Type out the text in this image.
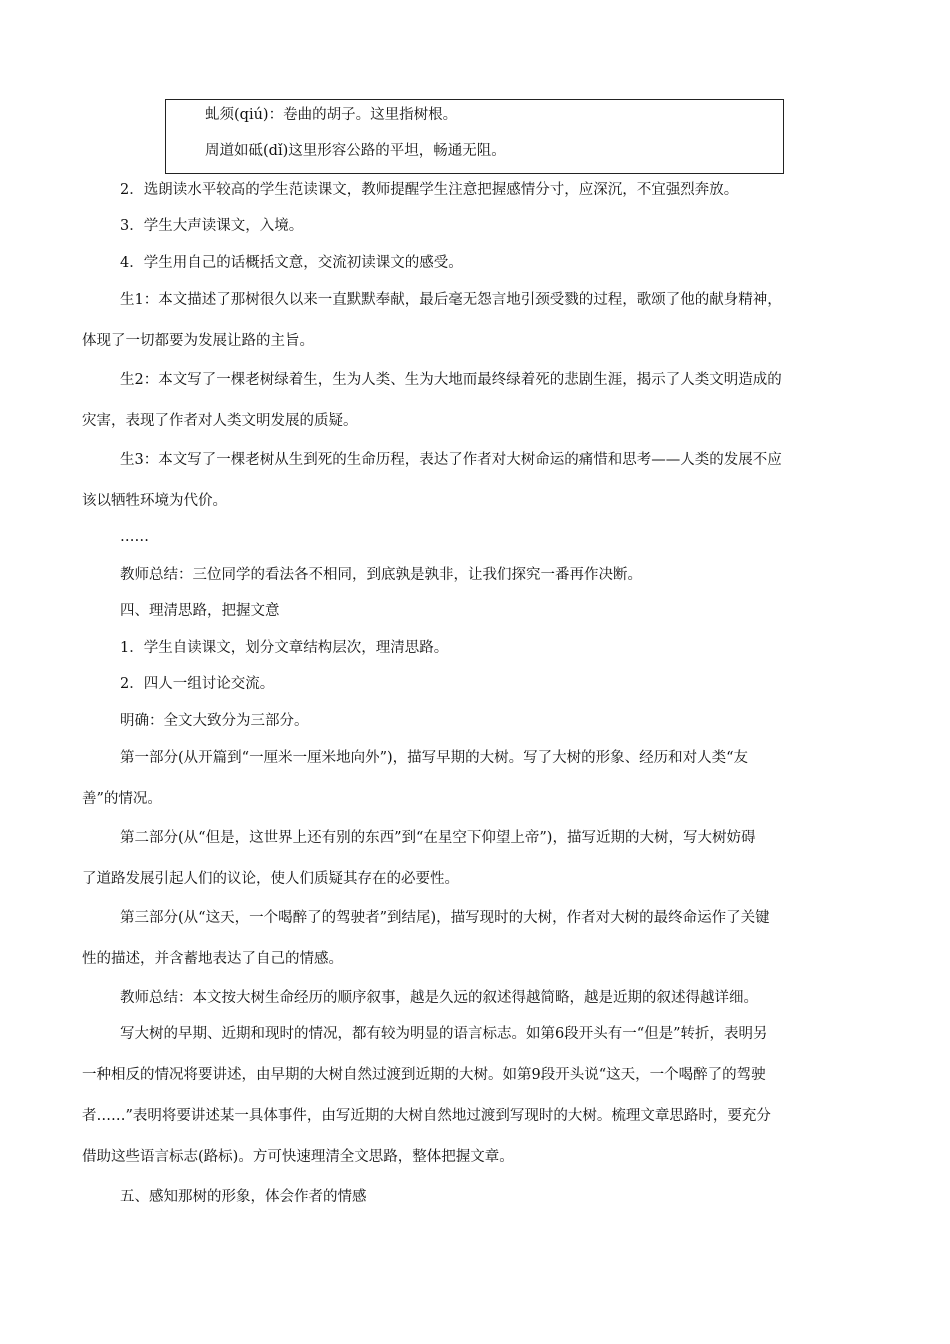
虬须(qiú)：卷曲的胡子。这里指树根。
周道如砥(dǐ)这里形容公路的平坦，畅通无阻。
2．选朗读水平较高的学生范读课文，教师提醒学生注意把握感情分寸，应深沉，不宜强烈奔放。
3．学生大声读课文，入境。
4．学生用自己的话概括文意，交流初读课文的感受。
生1：本文描述了那树很久以来一直默默奉献，最后毫无怨言地引颈受戮的过程，歌颂了他的献身精神，
体现了一切都要为发展让路的主旨。
生2：本文写了一棵老树绿着生，生为人类、生为大地而最终绿着死的悲剧生涯，揭示了人类文明造成的
灾害，表现了作者对人类文明发展的质疑。
生3：本文写了一棵老树从生到死的生命历程，表达了作者对大树命运的痛惜和思考——人类的发展不应
该以牺牲环境为代价。
……
教师总结：三位同学的看法各不相同，到底孰是孰非，让我们探究一番再作决断。
四、理清思路，把握文意
1．学生自读课文，划分文章结构层次，理清思路。
2．四人一组讨论交流。
明确：全文大致分为三部分。
第一部分(从开篇到“一厘米一厘米地向外”)，描写早期的大树。写了大树的形象、经历和对人类“友
善”的情况。
第二部分(从“但是，这世界上还有别的东西”到“在星空下仰望上帝”)，描写近期的大树，写大树妨碍
了道路发展引起人们的议论，使人们质疑其存在的必要性。
第三部分(从“这天，一个喝醉了的驾驶者”到结尾)，描写现时的大树，作者对大树的最终命运作了关键
性的描述，并含蓄地表达了自己的情感。
教师总结：本文按大树生命经历的顺序叙事，越是久远的叙述得越简略，越是近期的叙述得越详细。
写大树的早期、近期和现时的情况，都有较为明显的语言标志。如第6段开头有一“但是”转折，表明另
一种相反的情况将要讲述，由早期的大树自然过渡到近期的大树。如第9段开头说“这天，一个喝醉了的驾驶
者……”表明将要讲述某一具体事件，由写近期的大树自然地过渡到写现时的大树。梳理文章思路时，要充分
借助这些语言标志(路标)。方可快速理清全文思路，整体把握文章。
五、感知那树的形象，体会作者的情感
